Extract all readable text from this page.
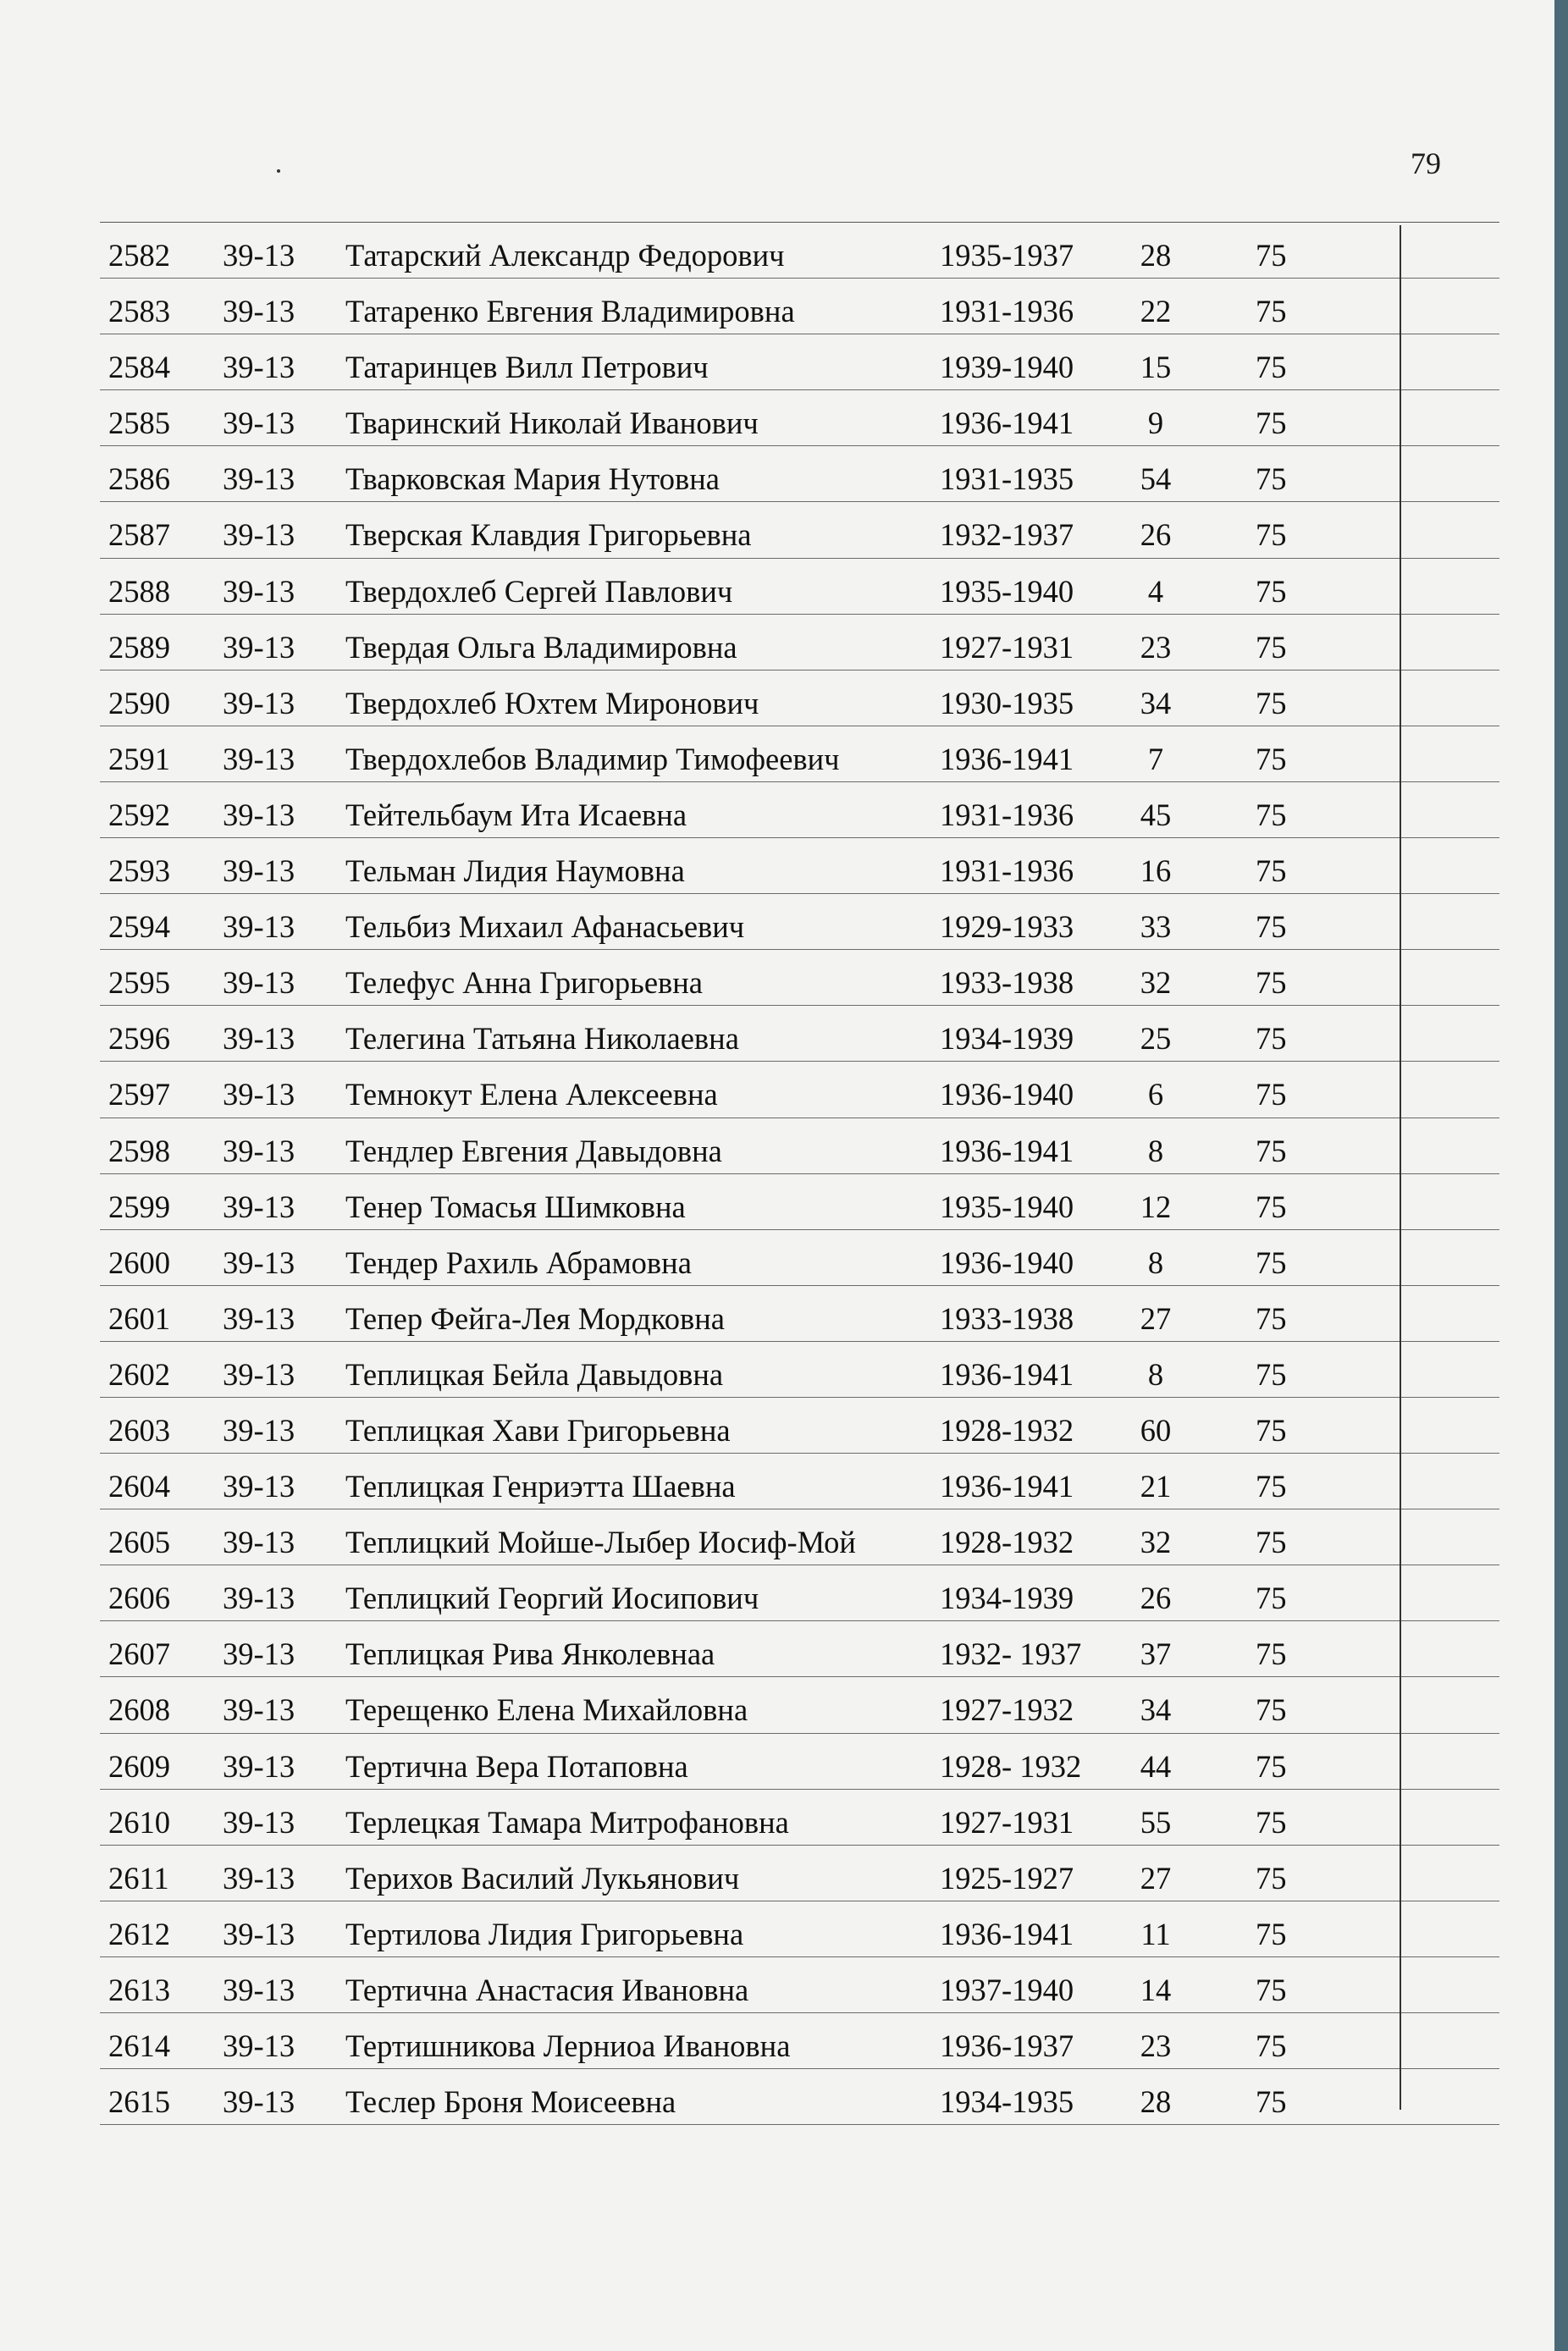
79
2582 39-13 Татарский Александр Федорович	1935-1937	28	75
2583 39-13 Татаренко Евгения Владимировна	1931-1936	22	75
2584 39-13 Татаринцев Вилл Петрович	1939-1940	15	75
2585 39-13 Тваринский Николай Иванович	1936-1941	9	75
2586 39-13 Тварковская Мария Нутовна	1931-1935	54	75
2587 39-13 Тверская Клавдия Григорьевна	1932-1937	26	75
2588 39-13 Твердохлеб Сергей Павлович	1935-1940	4	75
2589 39-13 Твердая Ольга Владимировна	1927-1931	23	75
2590 39-13 Твердохлеб Юхтем Миронович	1930-1935	34	75
2591 39-13 Твердохлебов Владимир Тимофеевич	1936-1941	7	75
2592 39-13 Тейтельбаум Ита Исаевна	1931-1936	45	75
2593 39-13 Тельман Лидия Наумовна	1931-1936	16	75
2594 39-13 Тельбиз Михаил Афанасьевич	1929-1933	33	75
2595 39-13 Телефус Анна Григорьевна	1933-1938	32	75
2596 39-13 Телегина Татьяна Николаевна	1934-1939	25	75
2597 39-13 Темнокут Елена Алексеевна	1936-1940	6	75
2598 39-13 Тендлер Евгения Давыдовна	1936-1941	8	75
2599 39-13 Тенер Томасья Шимковна	1935-1940	12	75
2600 39-13 Тендер Рахиль Абрамовна	1936-1940	8	75
2601 39-13 Тепер Фейга-Лея Мордковна	1933-1938	27	75
2602 39-13 Теплицкая Бейла Давыдовна	1936-1941	8	75
2603 39-13 Теплицкая Хави Григорьевна	1928-1932	60	75
2604 39-13 Теплицкая Генриэтта Шаевна	1936-1941	21	75
2605 39-13 Теплицкий Мойше-Лыбер Иосиф-Мой	1928-1932	32	75
2606 39-13 Теплицкий Георгий Иосипович	1934-1939	26	75
2607 39-13 Теплицкая Рива Янколевнаа	1932- 1937	37	75
2608 39-13 Терещенко Елена Михайловна	1927-1932	34	75
2609 39-13 Тертична Вера Потаповна	1928- 1932	44	75
2610 39-13 Терлецкая Тамара Митрофановна	1927-1931	55	75
2611 39-13 Терихов Василий Лукьянович	1925-1927	27	75
2612 39-13 Тертилова Лидия Григорьевна	1936-1941	11	75
2613 39-13 Тертична Анастасия Ивановна	1937-1940	14	75
2614 39-13 Тертишникова Лерниоа Ивановна	1936-1937	23	75
2615 39-13 Теслер Броня Моисеевна	1934-1935	28	75
